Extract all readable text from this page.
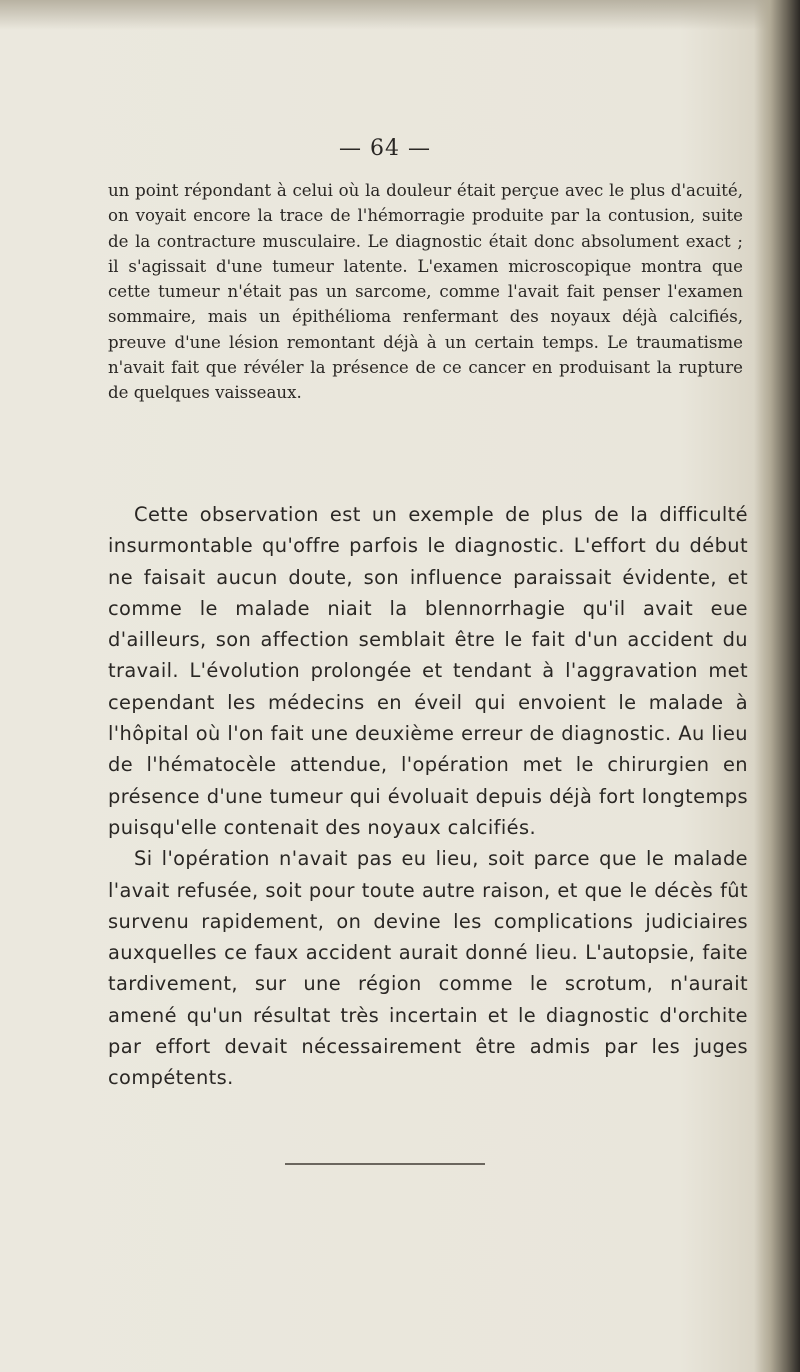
— 64 —

un point répondant à celui où la douleur était perçue avec le plus d'acuité, on voyait encore la trace de l'hémorragie produite par la contusion, suite de la contracture musculaire. Le diagnostic était donc absolument exact ; il s'agissait d'une tumeur latente. L'examen microscopique montra que cette tumeur n'était pas un sarcome, comme l'avait fait penser l'examen sommaire, mais un épithélioma renfermant des noyaux déjà calcifiés, preuve d'une lésion remontant déjà à un certain temps. Le traumatisme n'avait fait que révéler la présence de ce cancer en produisant la rupture de quelques vaisseaux.

Cette observation est un exemple de plus de la difficulté insurmontable qu'offre parfois le diagnostic. L'effort du début ne faisait aucun doute, son influence paraissait évidente, et comme le malade niait la blennorrhagie qu'il avait eue d'ailleurs, son affection semblait être le fait d'un accident du travail. L'évolution prolongée et tendant à l'aggravation met cependant les médecins en éveil qui envoient le malade à l'hôpital où l'on fait une deuxième erreur de diagnostic. Au lieu de l'hématocèle attendue, l'opération met le chirurgien en présence d'une tumeur qui évoluait depuis déjà fort longtemps puisqu'elle contenait des noyaux calcifiés.

Si l'opération n'avait pas eu lieu, soit parce que le malade l'avait refusée, soit pour toute autre raison, et que le décès fût survenu rapidement, on devine les complications judiciaires auxquelles ce faux accident aurait donné lieu. L'autopsie, faite tardivement, sur une région comme le scrotum, n'aurait amené qu'un résultat très incertain et le diagnostic d'orchite par effort devait nécessairement être admis par les juges compétents.
